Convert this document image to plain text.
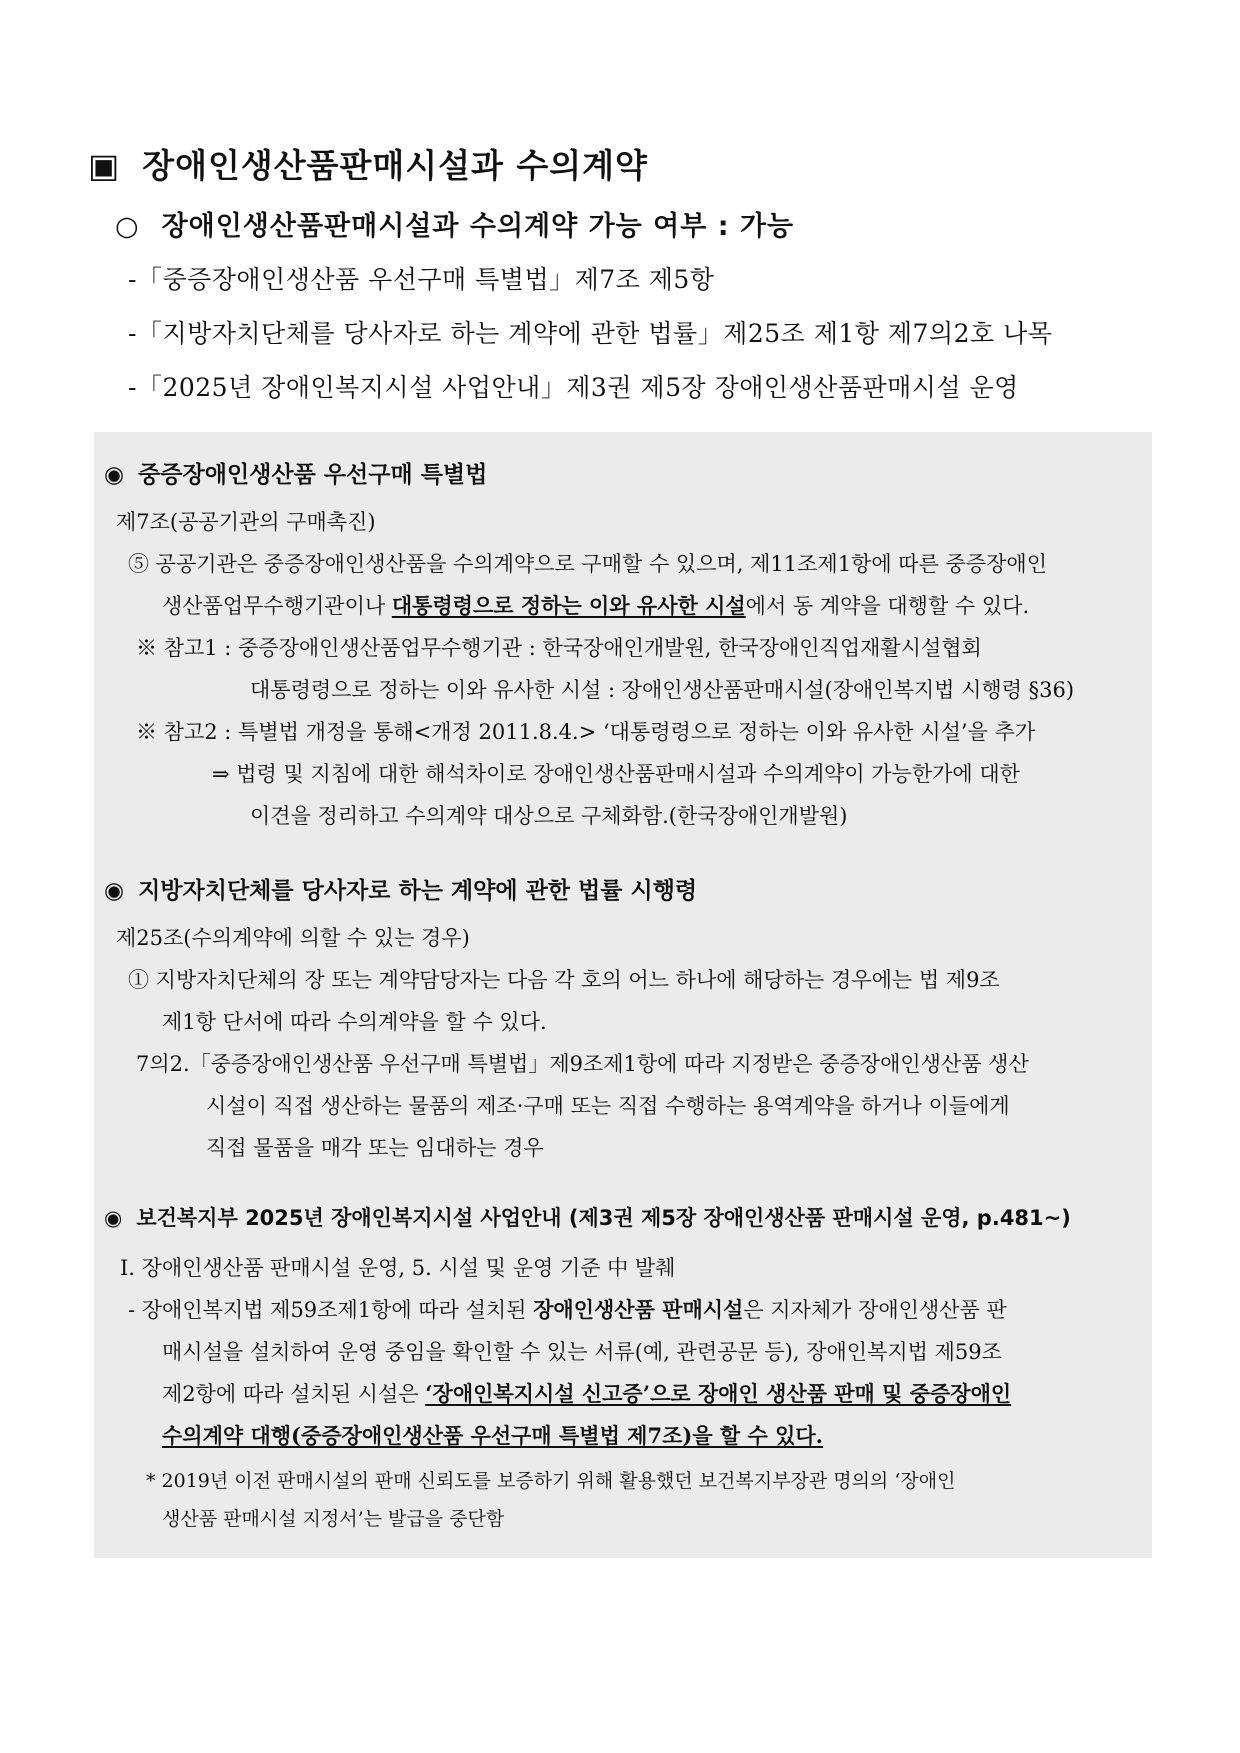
▣ 장애인생산품판매시설과 수의계약
○ 장애인생산품판매시설과 수의계약 가능 여부 : 가능
-「중증장애인생산품 우선구매 특별법」제7조 제5항
-「지방자치단체를 당사자로 하는 계약에 관한 법률」제25조 제1항 제7의2호 나목
-「2025년 장애인복지시설 사업안내」제3권 제5장 장애인생산품판매시설 운영
◉ 중증장애인생산품 우선구매 특별법
제7조(공공기관의 구매촉진)
⑤ 공공기관은 중증장애인생산품을 수의계약으로 구매할 수 있으며, 제11조제1항에 따른 중증장애인
생산품업무수행기관이나 대통령령으로 정하는 이와 유사한 시설에서 동 계약을 대행할 수 있다.
※ 참고1 : 중증장애인생산품업무수행기관 : 한국장애인개발원, 한국장애인직업재활시설협회
대통령령으로 정하는 이와 유사한 시설 : 장애인생산품판매시설(장애인복지법 시행령 §36)
※ 참고2 : 특별법 개정을 통해<개정 2011.8.4.> ‘대통령령으로 정하는 이와 유사한 시설’을 추가
⇒ 법령 및 지침에 대한 해석차이로 장애인생산품판매시설과 수의계약이 가능한가에 대한
이견을 정리하고 수의계약 대상으로 구체화함.(한국장애인개발원)
◉ 지방자치단체를 당사자로 하는 계약에 관한 법률 시행령
제25조(수의계약에 의할 수 있는 경우)
① 지방자치단체의 장 또는 계약담당자는 다음 각 호의 어느 하나에 해당하는 경우에는 법 제9조
제1항 단서에 따라 수의계약을 할 수 있다.
7의2.「중증장애인생산품 우선구매 특별법」제9조제1항에 따라 지정받은 중증장애인생산품 생산
시설이 직접 생산하는 물품의 제조·구매 또는 직접 수행하는 용역계약을 하거나 이들에게
직접 물품을 매각 또는 임대하는 경우
◉ 보건복지부 2025년 장애인복지시설 사업안내 (제3권 제5장 장애인생산품 판매시설 운영, p.481~)
Ⅰ. 장애인생산품 판매시설 운영, 5. 시설 및 운영 기준 中 발췌
- 장애인복지법 제59조제1항에 따라 설치된 장애인생산품 판매시설은 지자체가 장애인생산품 판
매시설을 설치하여 운영 중임을 확인할 수 있는 서류(예, 관련공문 등), 장애인복지법 제59조
제2항에 따라 설치된 시설은 ‘장애인복지시설 신고증’으로 장애인 생산품 판매 및 중증장애인
수의계약 대행(중증장애인생산품 우선구매 특별법 제7조)을 할 수 있다.
* 2019년 이전 판매시설의 판매 신뢰도를 보증하기 위해 활용했던 보건복지부장관 명의의 ‘장애인
생산품 판매시설 지정서’는 발급을 중단함
